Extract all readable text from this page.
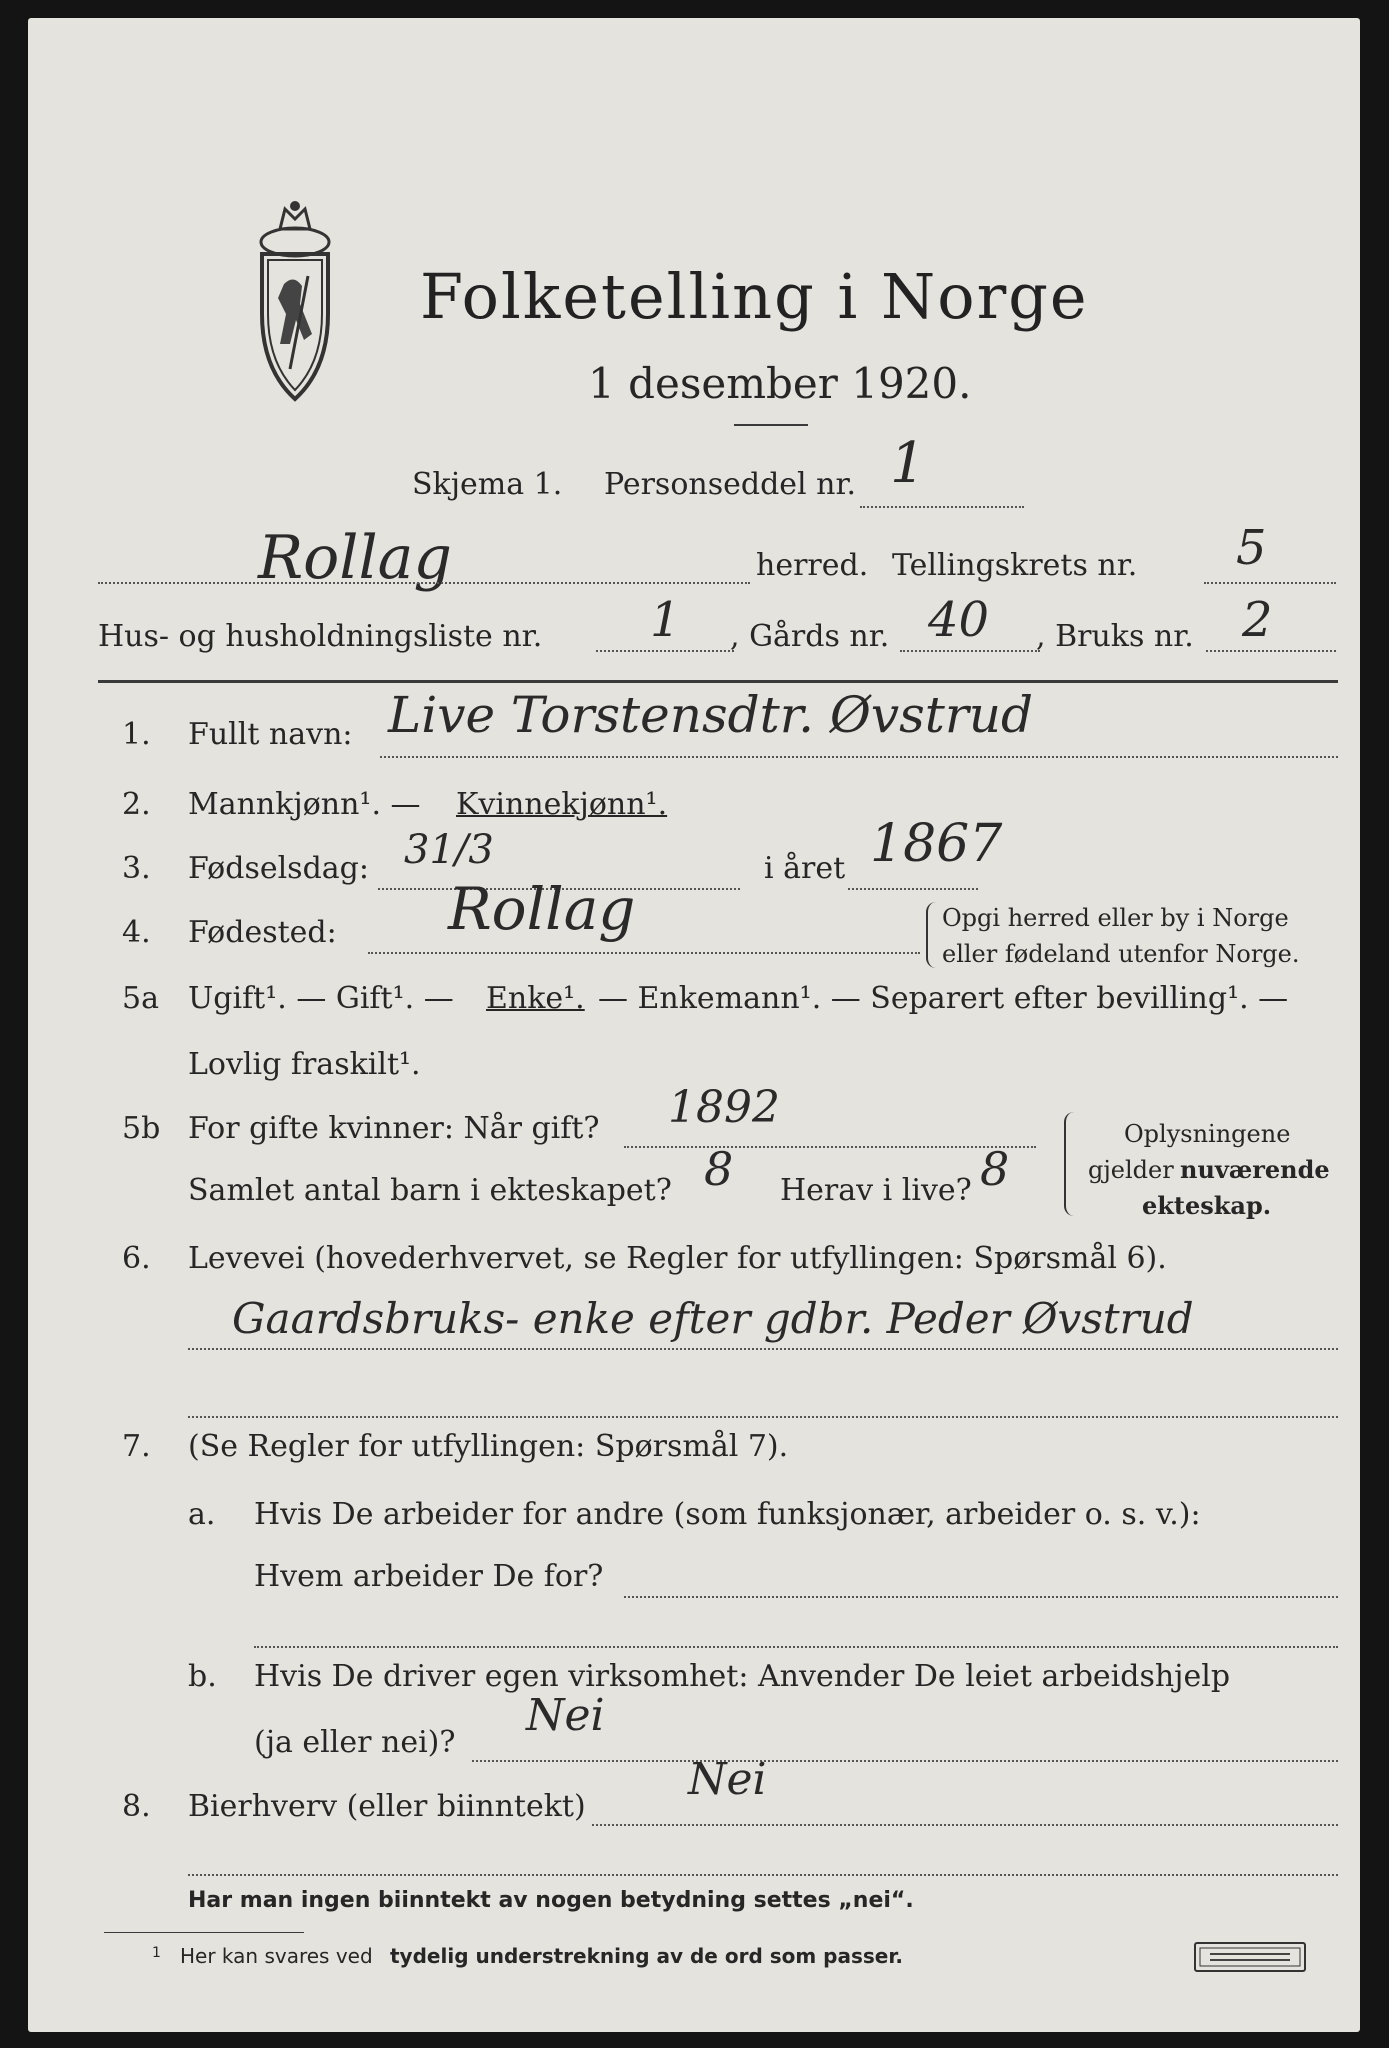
Folketelling i Norge
1 desember 1920.
Skjema 1. Personseddel nr. 1
Rollag	herred. Tellingskrets nr. 5
Hus- og husholdningsliste nr. 1 , Gårds nr. 40 , Bruks nr. 2
1. Fullt navn: Live Torstensdtr. Øvstrud
2. Mannkjønn¹. — Kvinnekjønn¹.
3. Fødselsdag: 31/3	i året 1867
4. Fødested: Rollag	Opgi herred eller by i Norge
eller fødeland utenfor Norge.
5a Ugift¹. — Gift¹. — Enke¹. — Enkemann¹. — Separert efter bevilling¹. —
Lovlig fraskilt¹.
5b For gifte kvinner: Når gift? 1892
Samlet antal barn i ekteskapet? 8 Herav i live? 8
Oplysningene
gjelder nuværende
ekteskap.
6. Levevei (hovederhvervet, se Regler for utfyllingen: Spørsmål 6).
Gaardsbruks- enke efter gdbr. Peder Øvstrud
7. (Se Regler for utfyllingen: Spørsmål 7).
a. Hvis De arbeider for andre (som funksjonær, arbeider o. s. v.):
Hvem arbeider De for?
b. Hvis De driver egen virksomhet: Anvender De leiet arbeidshjelp
(ja eller nei)?
Nei
8. Bierhverv (eller biinntekt)
Nei
Har man ingen biinntekt av nogen betydning settes „nei“.
1 Her kan svares ved tydelig understrekning av de ord som passer.
